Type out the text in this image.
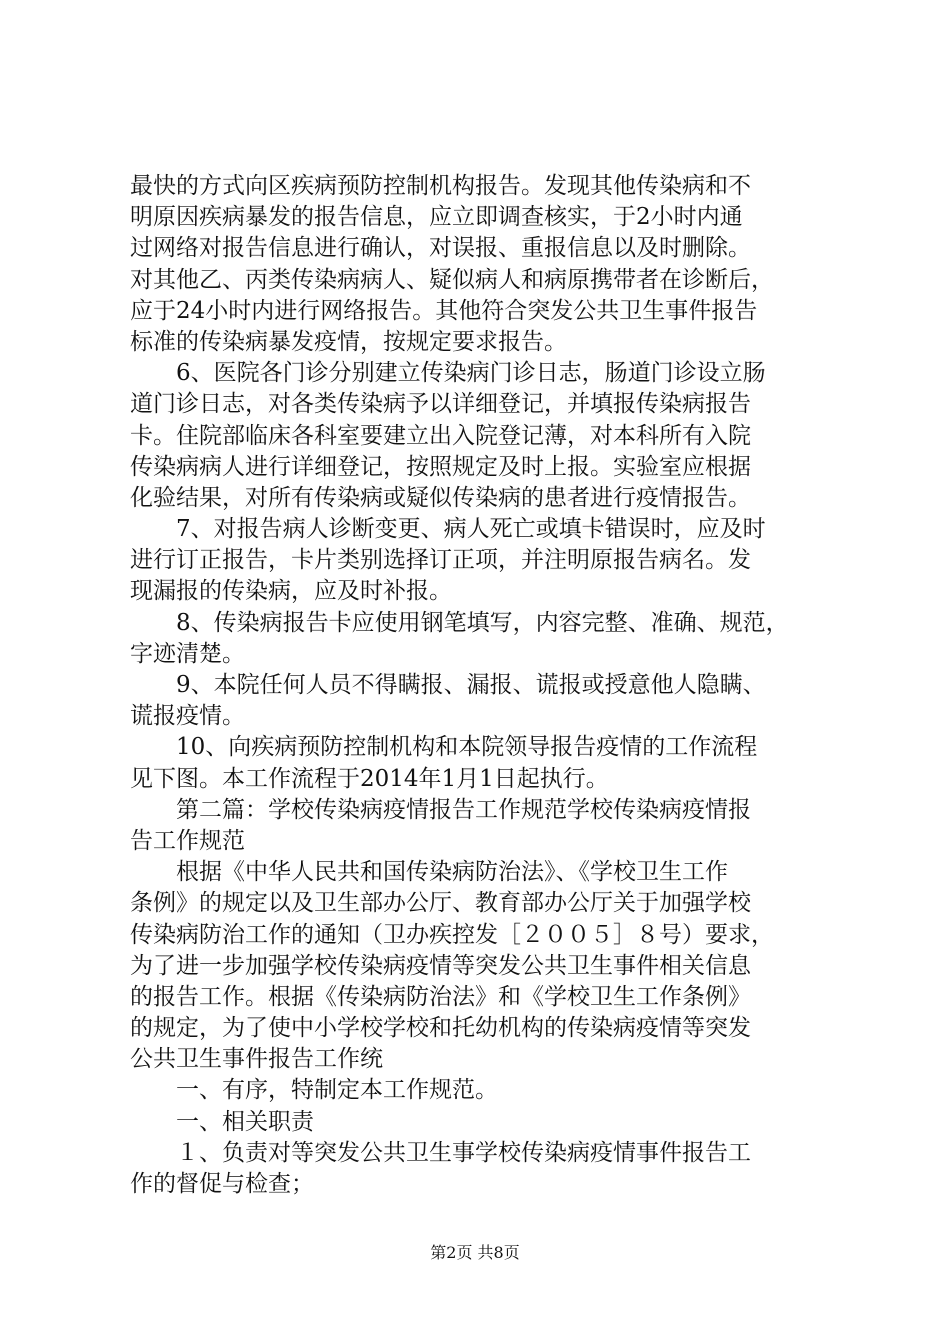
最快的方式向区疾病预防控制机构报告。发现其他传染病和不
明原因疾病暴发的报告信息，应立即调查核实，于2小时内通
过网络对报告信息进行确认，对误报、重报信息以及时删除。
对其他乙、丙类传染病病人、疑似病人和病原携带者在诊断后，
应于24小时内进行网络报告。其他符合突发公共卫生事件报告
标准的传染病暴发疫情，按规定要求报告。
6、医院各门诊分别建立传染病门诊日志，肠道门诊设立肠
道门诊日志，对各类传染病予以详细登记，并填报传染病报告
卡。住院部临床各科室要建立出入院登记薄，对本科所有入院
传染病病人进行详细登记，按照规定及时上报。实验室应根据
化验结果，对所有传染病或疑似传染病的患者进行疫情报告。
7、对报告病人诊断变更、病人死亡或填卡错误时，应及时
进行订正报告，卡片类别选择订正项，并注明原报告病名。发
现漏报的传染病，应及时补报。
8、传染病报告卡应使用钢笔填写，内容完整、准确、规范，
字迹清楚。
9、本院任何人员不得瞒报、漏报、谎报或授意他人隐瞒、
谎报疫情。
10、向疾病预防控制机构和本院领导报告疫情的工作流程
见下图。本工作流程于2014年1月1日起执行。
第二篇：学校传染病疫情报告工作规范学校传染病疫情报
告工作规范
根据《中华人民共和国传染病防治法》、《学校卫生工作
条例》的规定以及卫生部办公厅、教育部办公厅关于加强学校
传染病防治工作的通知（卫办疾控发［２００５］８号）要求，
为了进一步加强学校传染病疫情等突发公共卫生事件相关信息
的报告工作。根据《传染病防治法》和《学校卫生工作条例》
的规定，为了使中小学校学校和托幼机构的传染病疫情等突发
公共卫生事件报告工作统
一、有序，特制定本工作规范。
一、相关职责
１、负责对等突发公共卫生事学校传染病疫情事件报告工
作的督促与检查；
第2页 共8页
